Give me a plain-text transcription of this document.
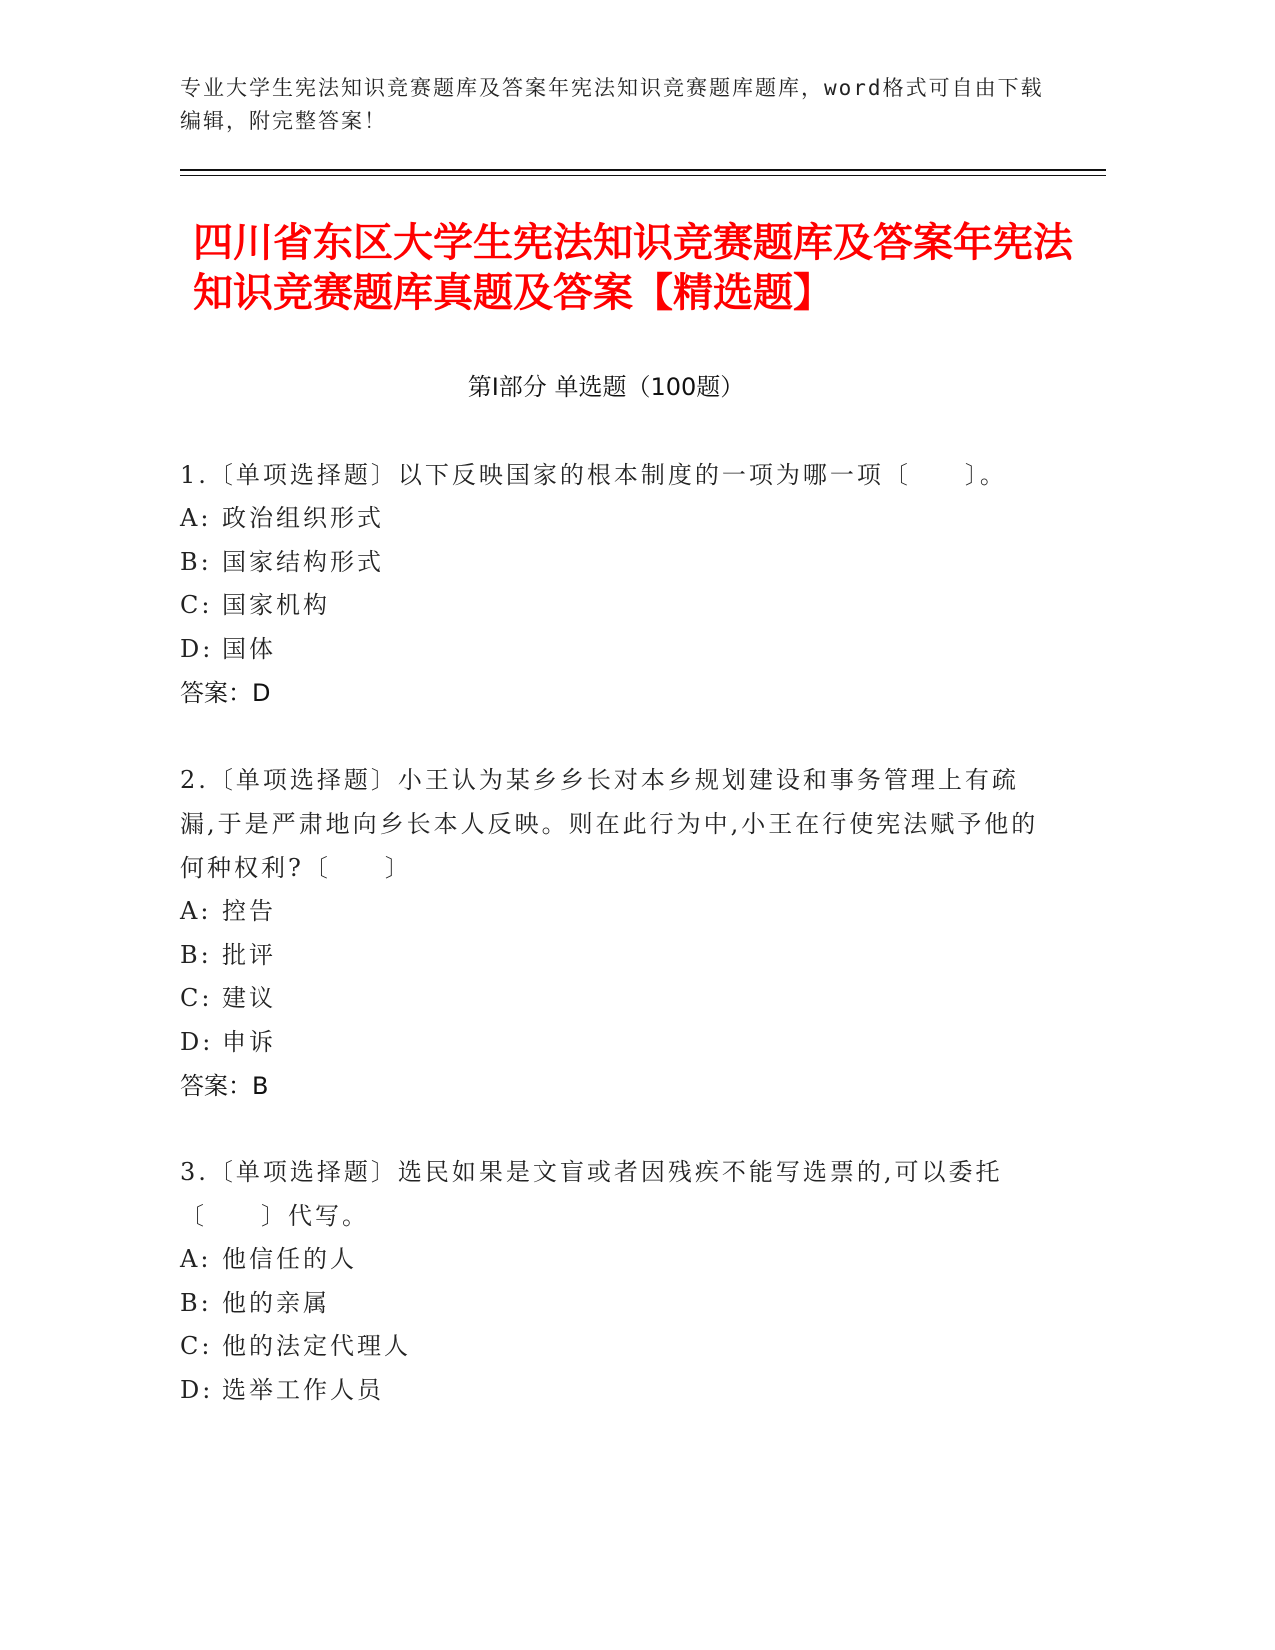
专业大学生宪法知识竞赛题库及答案年宪法知识竞赛题库题库，word格式可自由下载编辑，附完整答案！
四川省东区大学生宪法知识竞赛题库及答案年宪法知识竞赛题库真题及答案【精选题】
第I部分 单选题（100题）

1.〔单项选择题〕以下反映国家的根本制度的一项为哪一项〔　　〕。

A: 政治组织形式
B: 国家结构形式
C: 国家机构
D: 国体

答案：D

2.〔单项选择题〕小王认为某乡乡长对本乡规划建设和事务管理上有疏漏,于是严肃地向乡长本人反映。则在此行为中,小王在行使宪法赋予他的何种权利?〔　　〕

A: 控告
B: 批评
C: 建议
D: 申诉

答案：B

3.〔单项选择题〕选民如果是文盲或者因残疾不能写选票的,可以委托〔　　〕代写。

A: 他信任的人
B: 他的亲属
C: 他的法定代理人
D: 选举工作人员
